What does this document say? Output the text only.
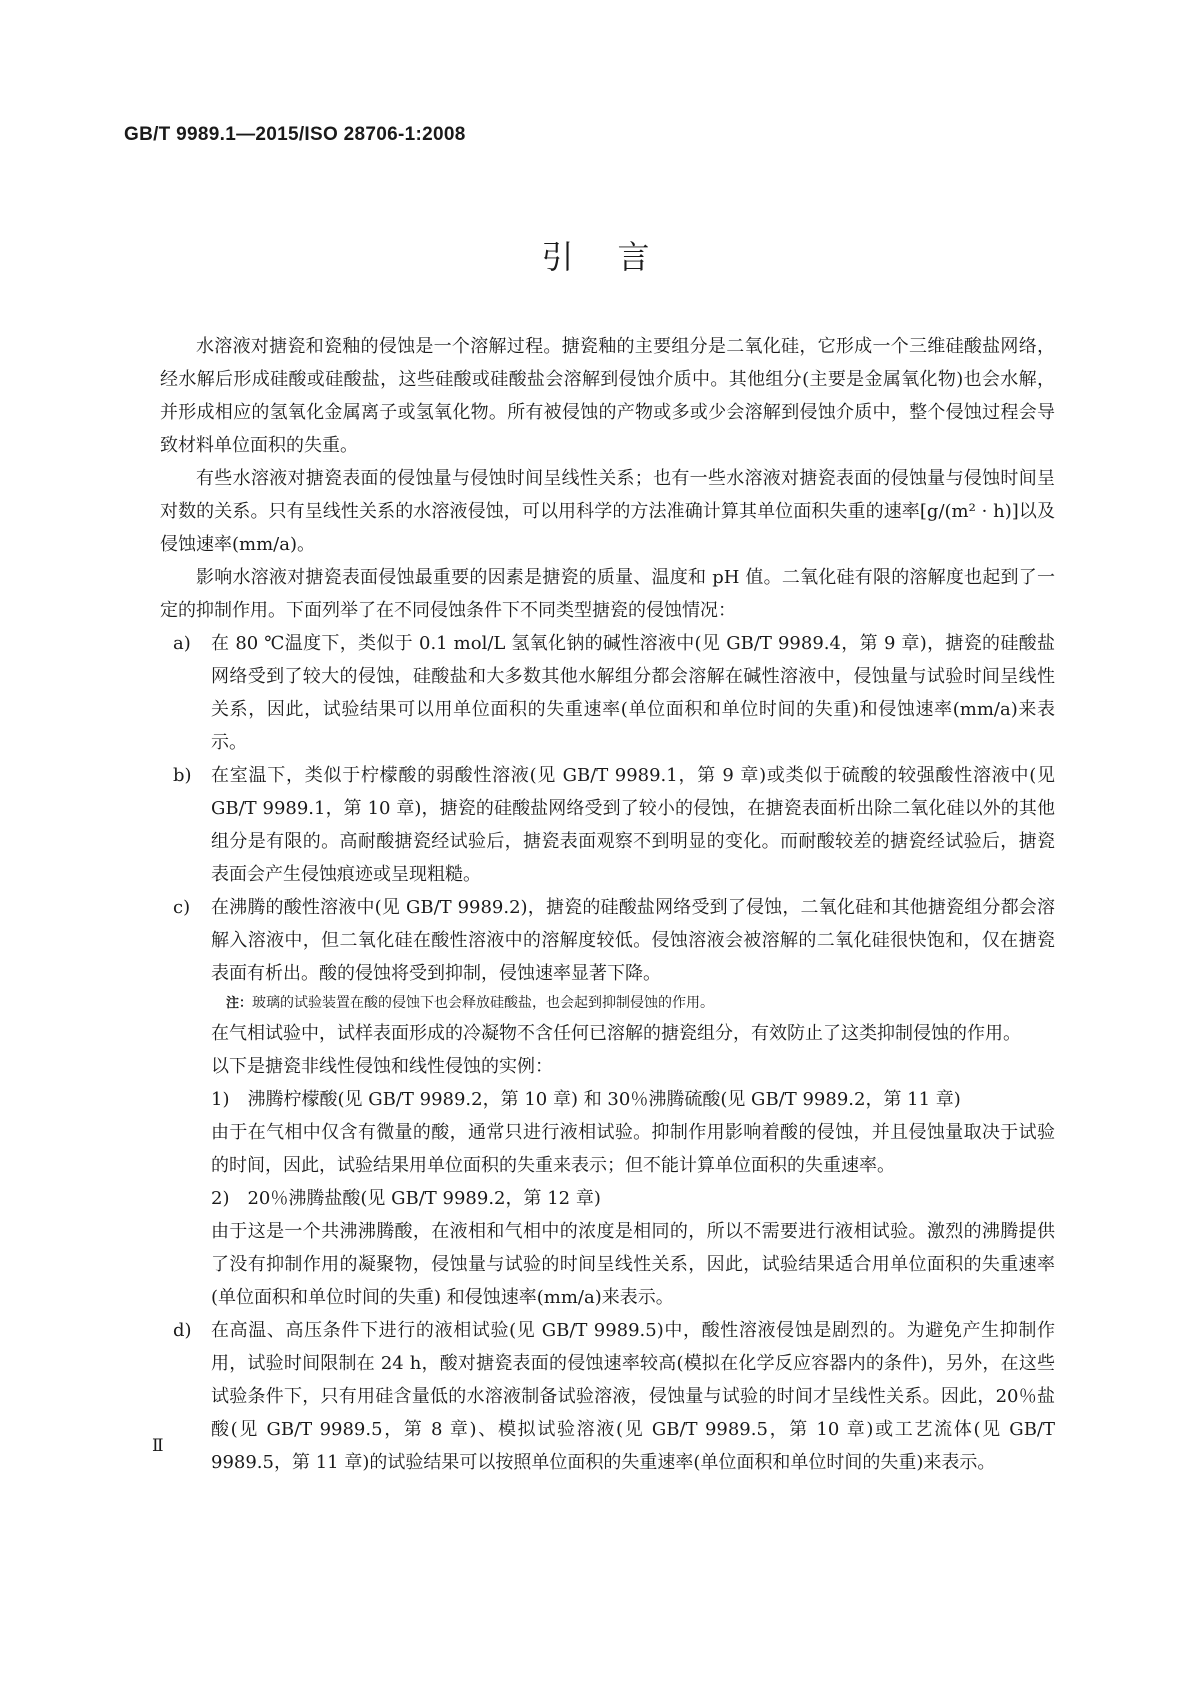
GB/T 9989.1—2015/ISO 28706-1:2008
引言

水溶液对搪瓷和瓷釉的侵蚀是一个溶解过程。搪瓷釉的主要组分是二氧化硅，它形成一个三维硅酸盐网络，经水解后形成硅酸或硅酸盐，这些硅酸或硅酸盐会溶解到侵蚀介质中。其他组分(主要是金属氧化物)也会水解，并形成相应的氢氧化金属离子或氢氧化物。所有被侵蚀的产物或多或少会溶解到侵蚀介质中，整个侵蚀过程会导致材料单位面积的失重。

有些水溶液对搪瓷表面的侵蚀量与侵蚀时间呈线性关系；也有一些水溶液对搪瓷表面的侵蚀量与侵蚀时间呈对数的关系。只有呈线性关系的水溶液侵蚀，可以用科学的方法准确计算其单位面积失重的速率[g/(m² · h)]以及侵蚀速率(mm/a)。

影响水溶液对搪瓷表面侵蚀最重要的因素是搪瓷的质量、温度和 pH 值。二氧化硅有限的溶解度也起到了一定的抑制作用。下面列举了在不同侵蚀条件下不同类型搪瓷的侵蚀情况：

a) 在 80 ℃温度下，类似于 0.1 mol/L 氢氧化钠的碱性溶液中(见 GB/T 9989.4，第 9 章)，搪瓷的硅酸盐网络受到了较大的侵蚀，硅酸盐和大多数其他水解组分都会溶解在碱性溶液中，侵蚀量与试验时间呈线性关系，因此，试验结果可以用单位面积的失重速率(单位面积和单位时间的失重)和侵蚀速率(mm/a)来表示。
b) 在室温下，类似于柠檬酸的弱酸性溶液(见 GB/T 9989.1，第 9 章)或类似于硫酸的较强酸性溶液中(见 GB/T 9989.1，第 10 章)，搪瓷的硅酸盐网络受到了较小的侵蚀，在搪瓷表面析出除二氧化硅以外的其他组分是有限的。高耐酸搪瓷经试验后，搪瓷表面观察不到明显的变化。而耐酸较差的搪瓷经试验后，搪瓷表面会产生侵蚀痕迹或呈现粗糙。
c) 在沸腾的酸性溶液中(见 GB/T 9989.2)，搪瓷的硅酸盐网络受到了侵蚀，二氧化硅和其他搪瓷组分都会溶解入溶液中，但二氧化硅在酸性溶液中的溶解度较低。侵蚀溶液会被溶解的二氧化硅很快饱和，仅在搪瓷表面有析出。酸的侵蚀将受到抑制，侵蚀速率显著下降。

注：玻璃的试验装置在酸的侵蚀下也会释放硅酸盐，也会起到抑制侵蚀的作用。

在气相试验中，试样表面形成的冷凝物不含任何已溶解的搪瓷组分，有效防止了这类抑制侵蚀的作用。

以下是搪瓷非线性侵蚀和线性侵蚀的实例：

1)　沸腾柠檬酸(见 GB/T 9989.2，第 10 章) 和 30％沸腾硫酸(见 GB/T 9989.2，第 11 章)

由于在气相中仅含有微量的酸，通常只进行液相试验。抑制作用影响着酸的侵蚀，并且侵蚀量取决于试验的时间，因此，试验结果用单位面积的失重来表示；但不能计算单位面积的失重速率。

2)　20％沸腾盐酸(见 GB/T 9989.2，第 12 章)

由于这是一个共沸沸腾酸，在液相和气相中的浓度是相同的，所以不需要进行液相试验。激烈的沸腾提供了没有抑制作用的凝聚物，侵蚀量与试验的时间呈线性关系，因此，试验结果适合用单位面积的失重速率(单位面积和单位时间的失重) 和侵蚀速率(mm/a)来表示。

d) 在高温、高压条件下进行的液相试验(见 GB/T 9989.5)中，酸性溶液侵蚀是剧烈的。为避免产生抑制作用，试验时间限制在 24 h，酸对搪瓷表面的侵蚀速率较高(模拟在化学反应容器内的条件)，另外，在这些试验条件下，只有用硅含量低的水溶液制备试验溶液，侵蚀量与试验的时间才呈线性关系。因此，20％盐酸(见 GB/T 9989.5，第 8 章)、模拟试验溶液(见 GB/T 9989.5，第 10 章)或工艺流体(见 GB/T 9989.5，第 11 章)的试验结果可以按照单位面积的失重速率(单位面积和单位时间的失重)来表示。
Ⅱ
